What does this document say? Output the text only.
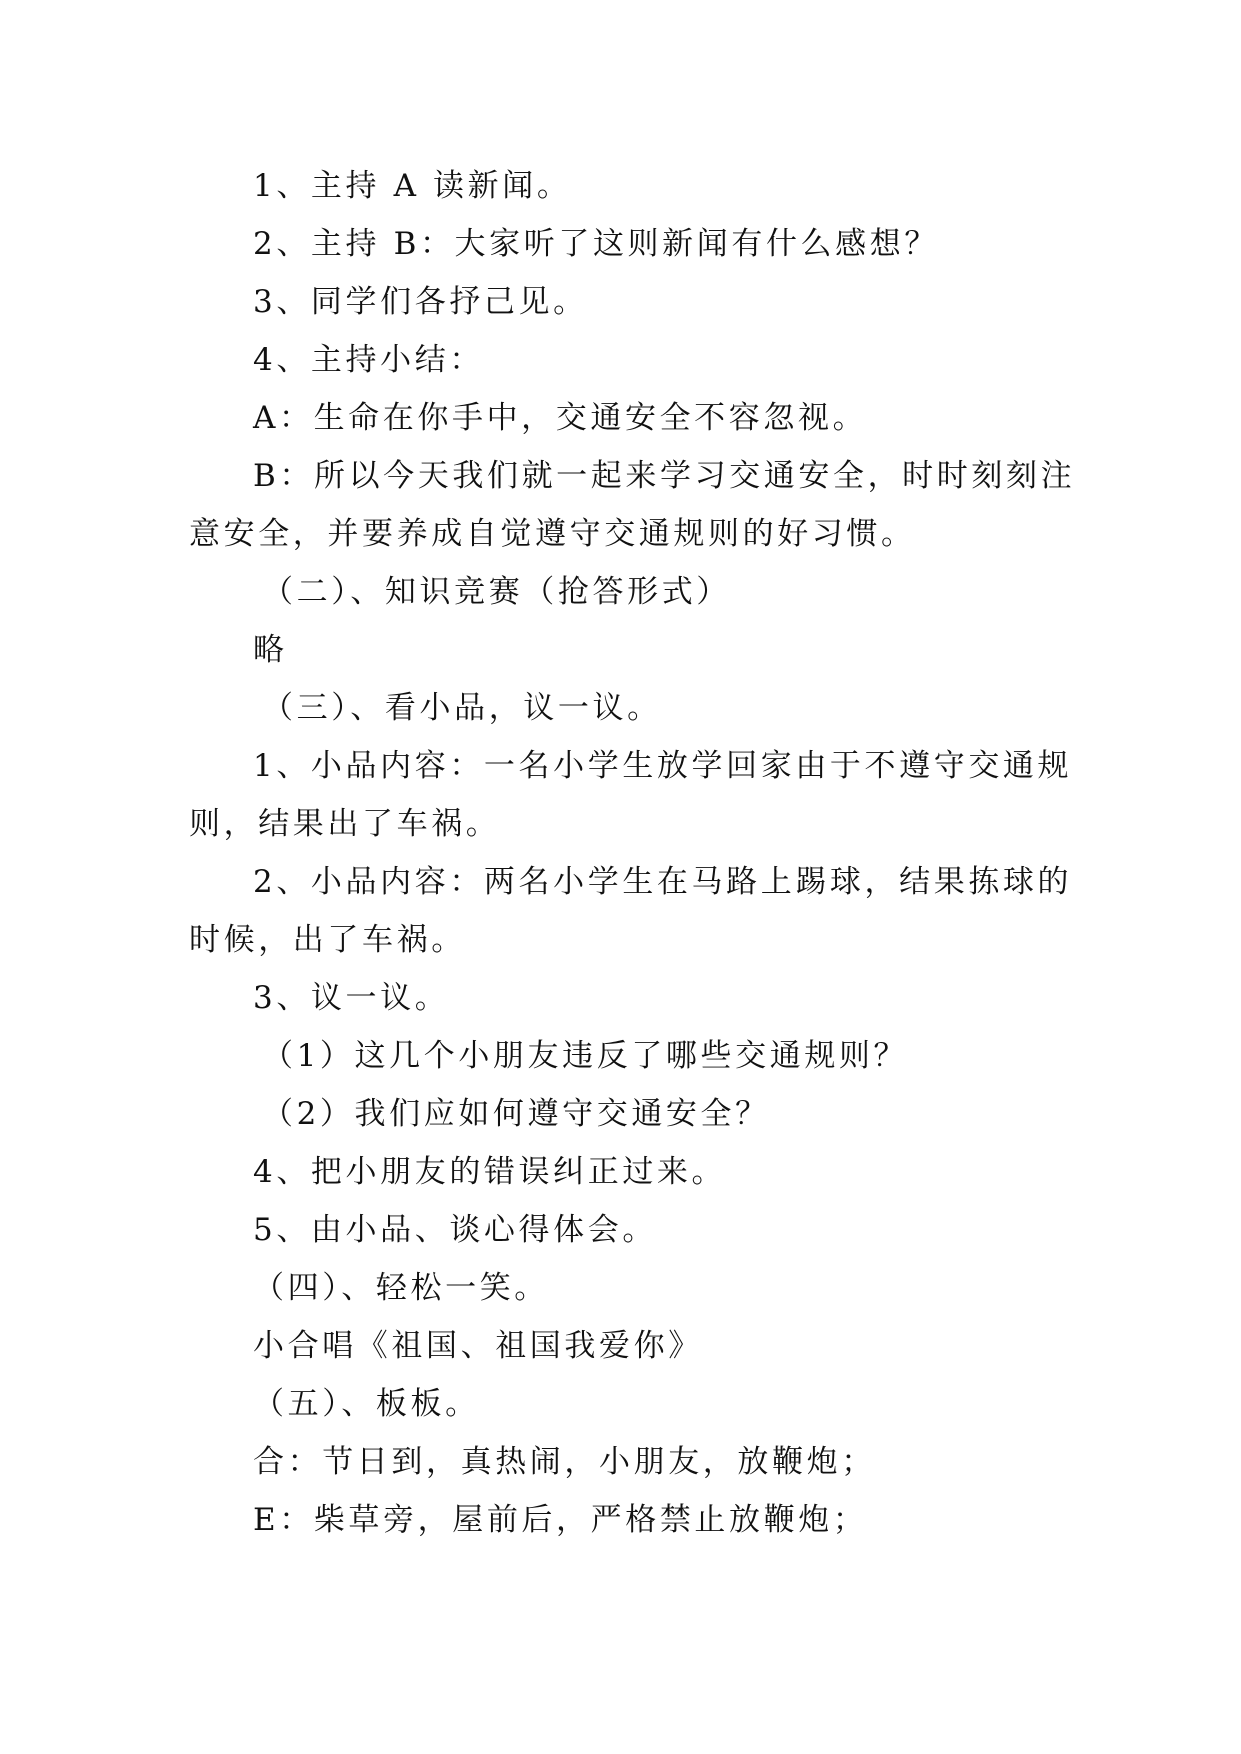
1、主持 A 读新闻。
2、主持 B：大家听了这则新闻有什么感想？
3、同学们各抒己见。
4、主持小结：
A：生命在你手中，交通安全不容忽视。
B：所以今天我们就一起来学习交通安全，时时刻刻注
意安全，并要养成自觉遵守交通规则的好习惯。
（二）、知识竞赛（抢答形式）
略
（三）、看小品，议一议。
1、小品内容：一名小学生放学回家由于不遵守交通规
则，结果出了车祸。
2、小品内容：两名小学生在马路上踢球，结果拣球的
时候，出了车祸。
3、议一议。
（1）这几个小朋友违反了哪些交通规则？
（2）我们应如何遵守交通安全？
4、把小朋友的错误纠正过来。
5、由小品、谈心得体会。
（四）、轻松一笑。
小合唱《祖国、祖国我爱你》
（五）、板板。
合：节日到，真热闹，小朋友，放鞭炮；
E：柴草旁，屋前后，严格禁止放鞭炮；
